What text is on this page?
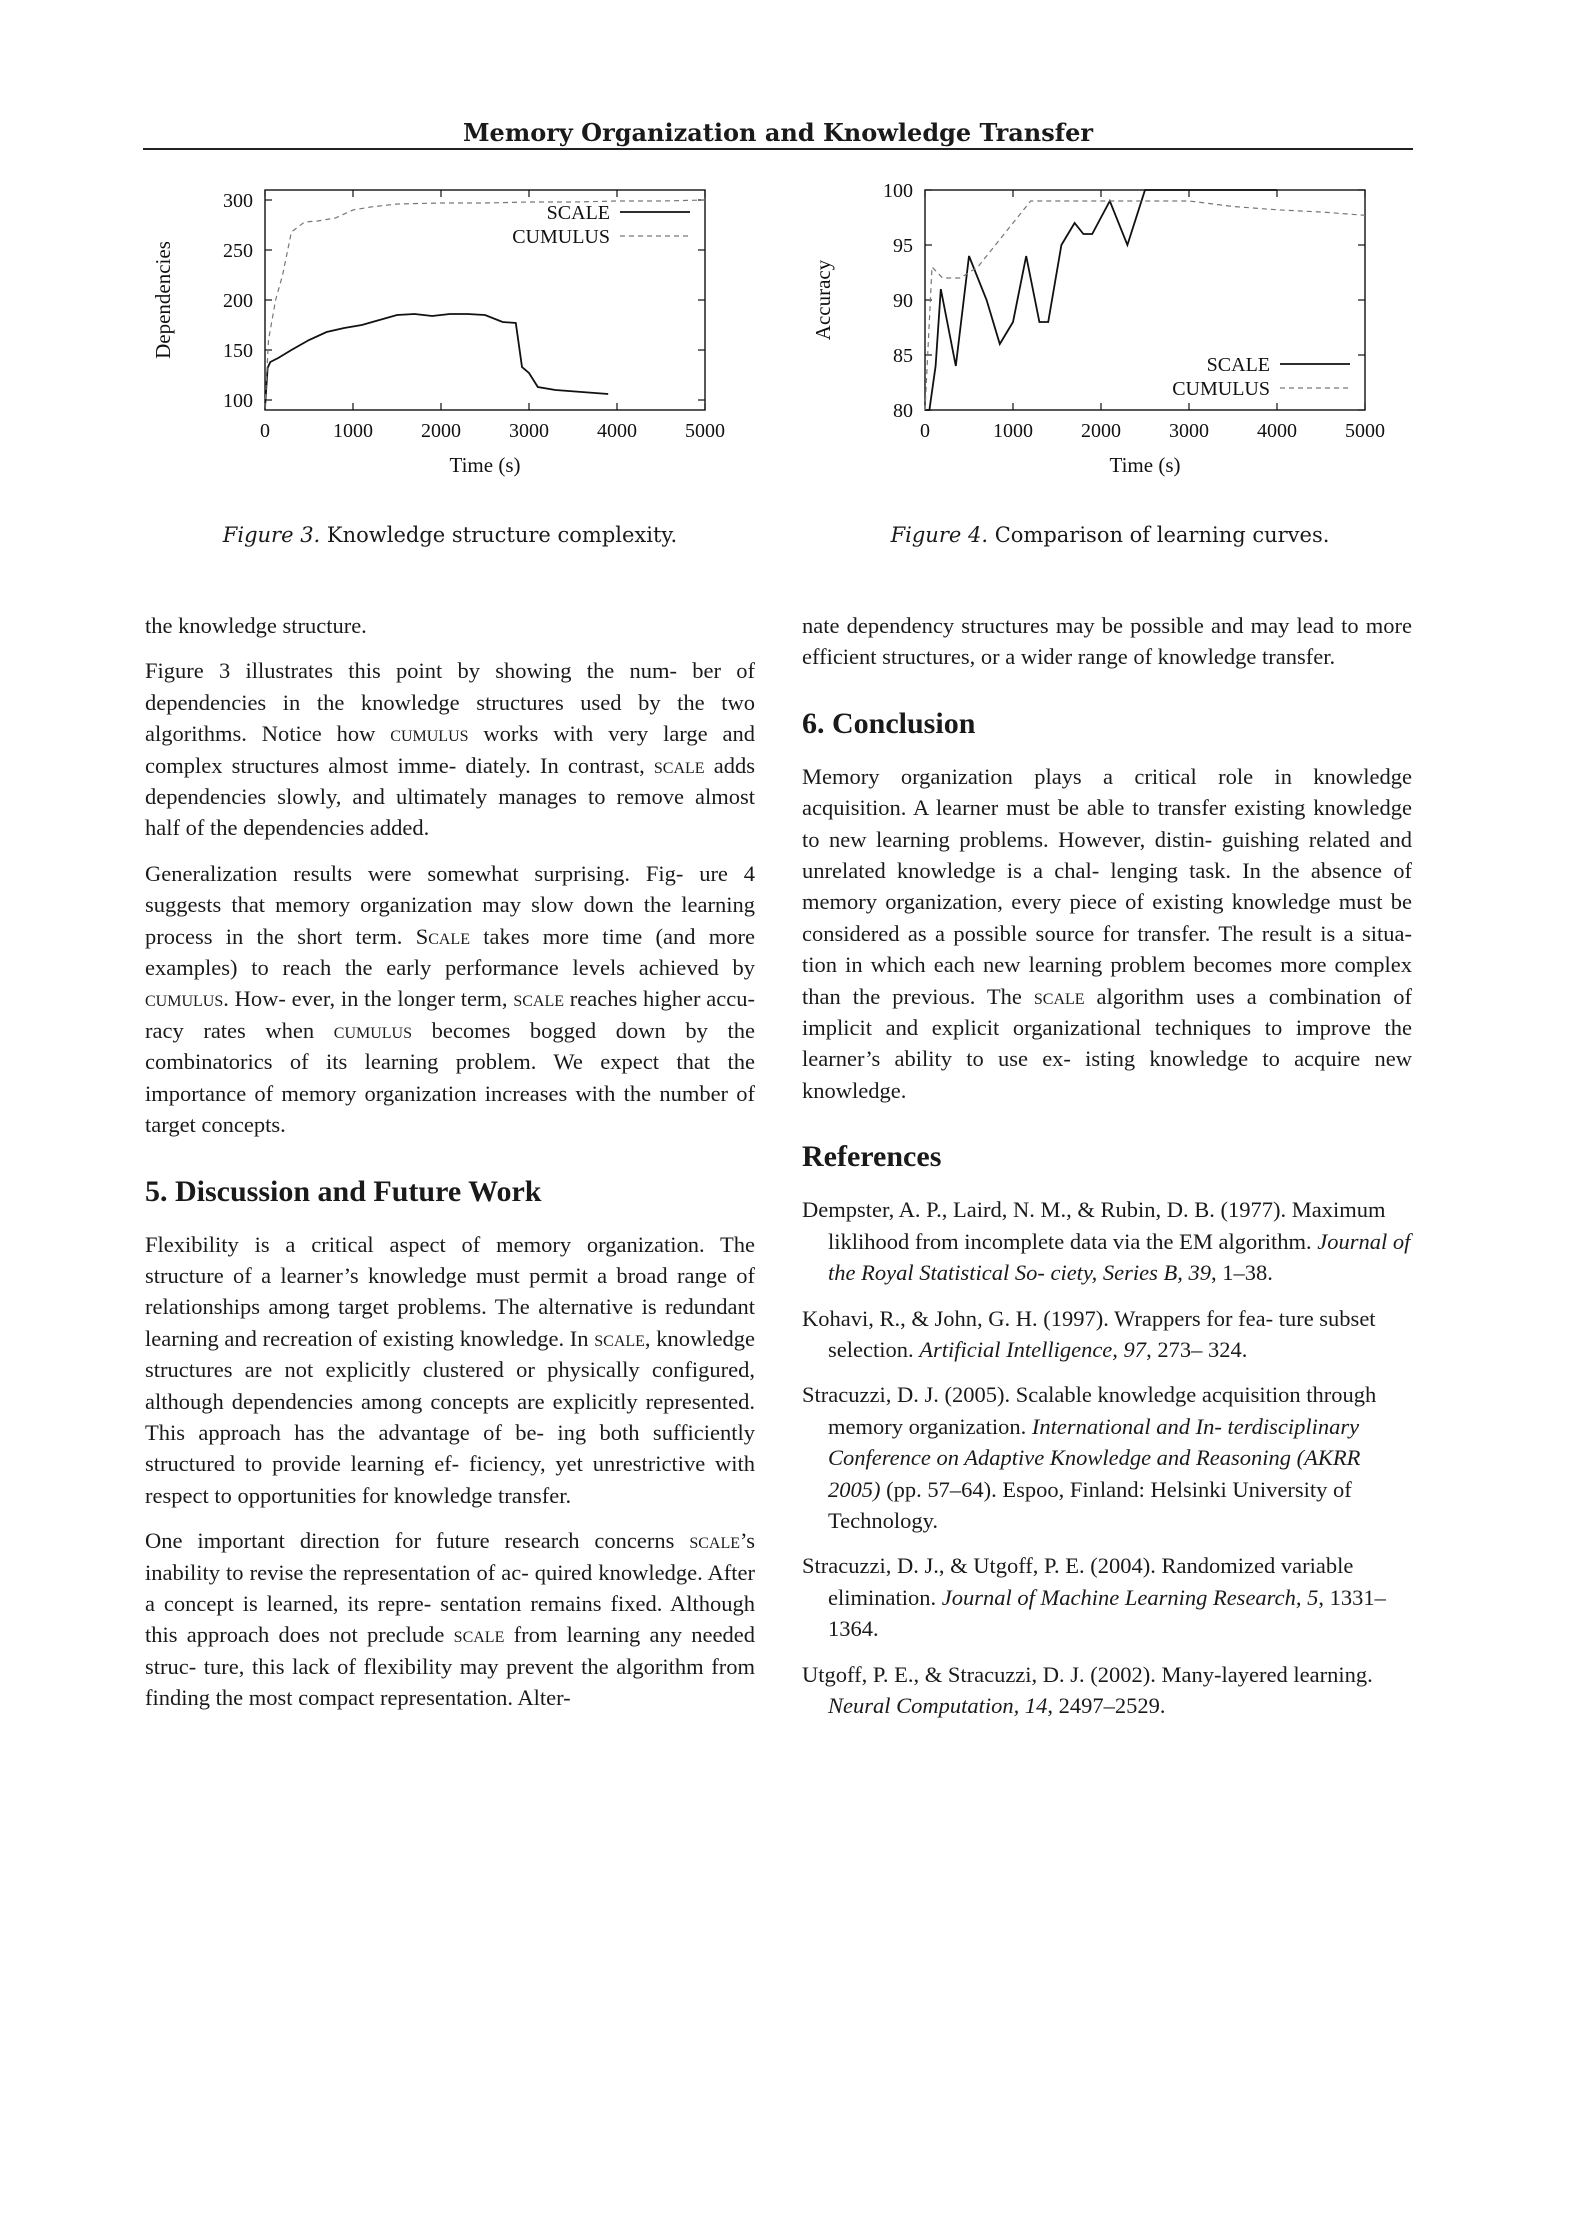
Memory Organization and Knowledge Transfer
0	1000 2000 3000 4000 5000
100
150
200
250
300
Time (s)
Dependencies
SCALE
CUMULUS
Figure 3. Knowledge structure complexity.
0	1000 2000 3000 4000 5000
80
85
90
95
100
Time (s)
Accuracy
SCALE
CUMULUS
Figure 4. Comparison of learning curves.

the knowledge structure.

Figure 3 illustrates this point by showing the num- ber of dependencies in the knowledge structures used by the two algorithms. Notice how cumulus works with very large and complex structures almost imme- diately. In contrast, scale adds dependencies slowly, and ultimately manages to remove almost half of the dependencies added.

Generalization results were somewhat surprising. Fig- ure 4 suggests that memory organization may slow down the learning process in the short term. Scale takes more time (and more examples) to reach the early performance levels achieved by cumulus. How- ever, in the longer term, scale reaches higher accu- racy rates when cumulus becomes bogged down by the combinatorics of its learning problem. We expect that the importance of memory organization increases with the number of target concepts.

5. Discussion and Future Work

Flexibility is a critical aspect of memory organization. The structure of a learner’s knowledge must permit a broad range of relationships among target problems. The alternative is redundant learning and recreation of existing knowledge. In scale, knowledge structures are not explicitly clustered or physically configured, although dependencies among concepts are explicitly represented. This approach has the advantage of be- ing both sufficiently structured to provide learning ef- ficiency, yet unrestrictive with respect to opportunities for knowledge transfer.

One important direction for future research concerns scale’s inability to revise the representation of ac- quired knowledge. After a concept is learned, its repre- sentation remains fixed. Although this approach does not preclude scale from learning any needed struc- ture, this lack of flexibility may prevent the algorithm from finding the most compact representation. Alter-

nate dependency structures may be possible and may lead to more efficient structures, or a wider range of knowledge transfer.

6. Conclusion

Memory organization plays a critical role in knowledge acquisition. A learner must be able to transfer existing knowledge to new learning problems. However, distin- guishing related and unrelated knowledge is a chal- lenging task. In the absence of memory organization, every piece of existing knowledge must be considered as a possible source for transfer. The result is a situa- tion in which each new learning problem becomes more complex than the previous. The scale algorithm uses a combination of implicit and explicit organizational techniques to improve the learner’s ability to use ex- isting knowledge to acquire new knowledge.

References

Dempster, A. P., Laird, N. M., & Rubin, D. B. (1977). Maximum liklihood from incomplete data via the EM algorithm. Journal of the Royal Statistical So- ciety, Series B, 39, 1–38.

Kohavi, R., & John, G. H. (1997). Wrappers for fea- ture subset selection. Artificial Intelligence, 97, 273– 324.

Stracuzzi, D. J. (2005). Scalable knowledge acquisition through memory organization. International and In- terdisciplinary Conference on Adaptive Knowledge and Reasoning (AKRR 2005) (pp. 57–64). Espoo, Finland: Helsinki University of Technology.

Stracuzzi, D. J., & Utgoff, P. E. (2004). Randomized variable elimination. Journal of Machine Learning Research, 5, 1331–1364.

Utgoff, P. E., & Stracuzzi, D. J. (2002). Many-layered learning. Neural Computation, 14, 2497–2529.
